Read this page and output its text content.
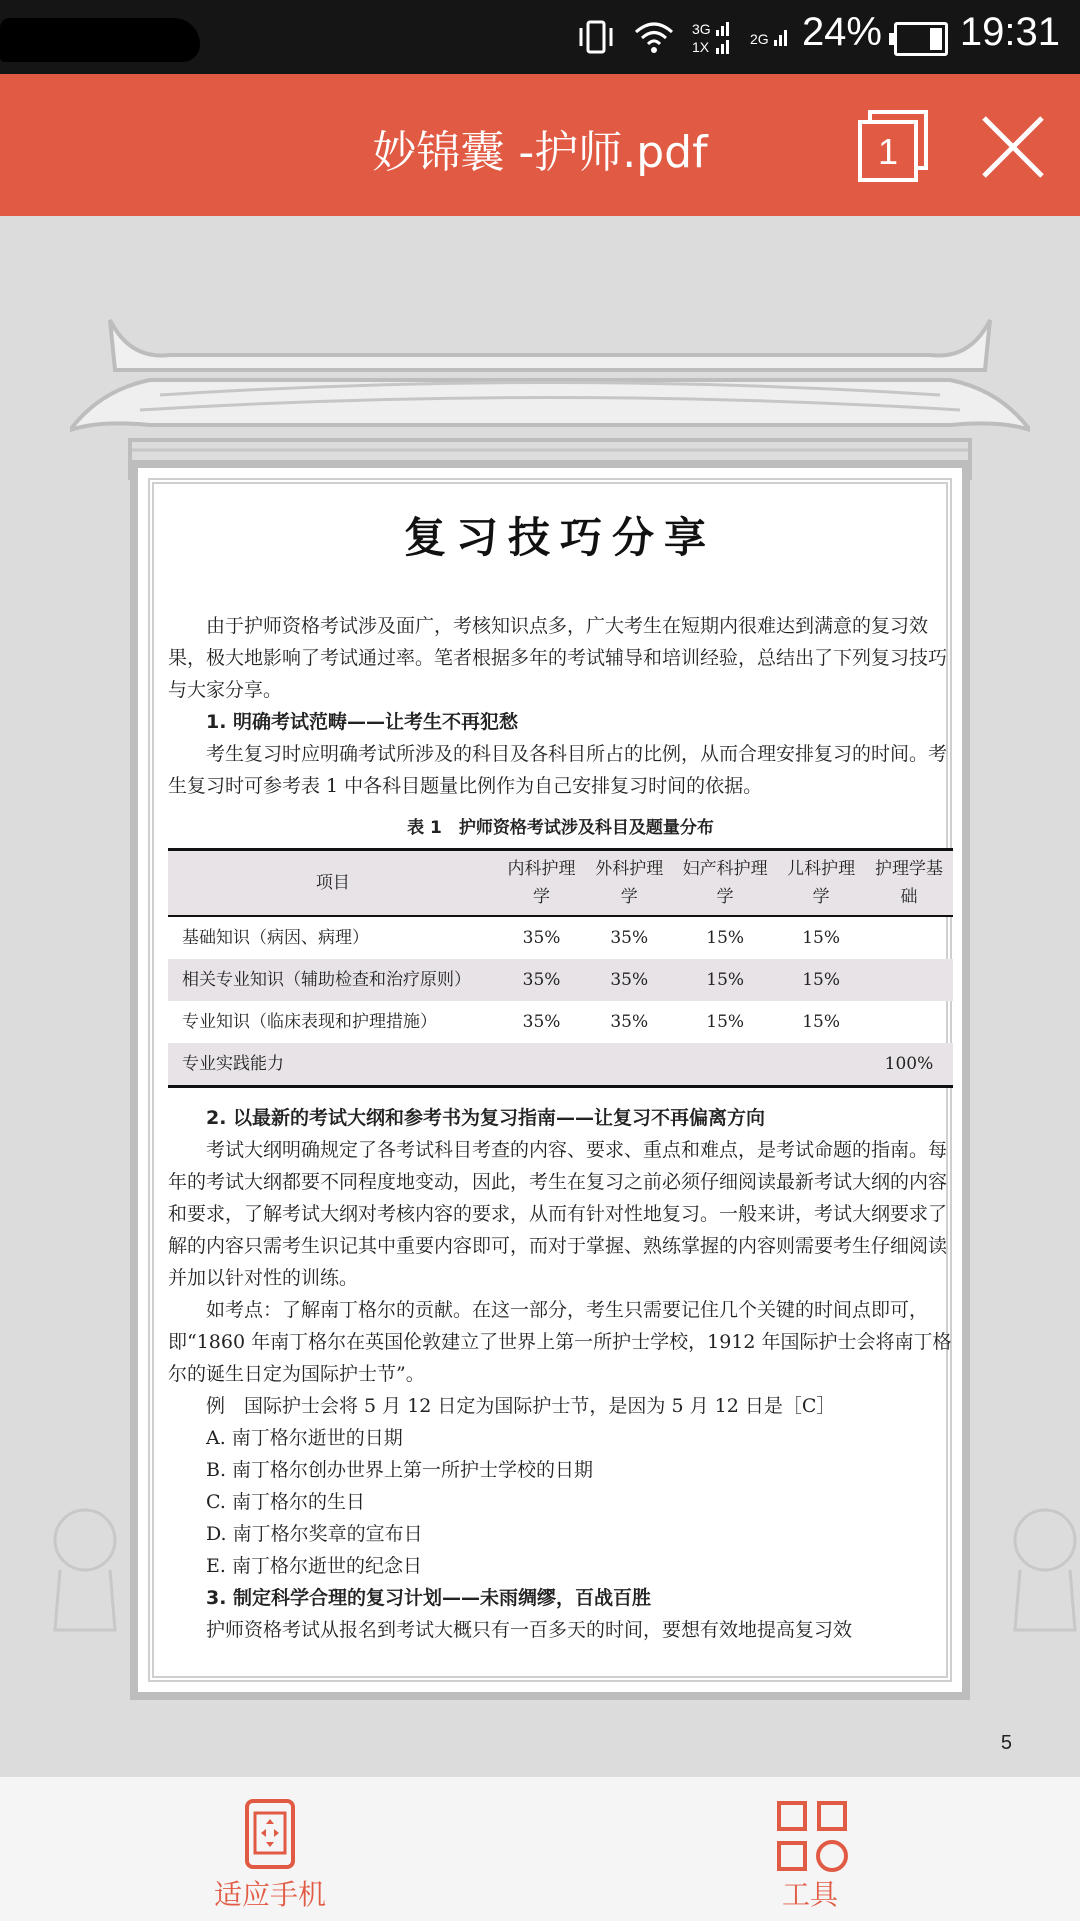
3G
1X	2G 24% 19:31
妙锦囊 -护师.pdf	1
复习技巧分享

由于护师资格考试涉及面广，考核知识点多，广大考生在短期内很难达到满意的复习效果，极大地影响了考试通过率。笔者根据多年的考试辅导和培训经验，总结出了下列复习技巧与大家分享。

1. 明确考试范畴——让考生不再犯愁

考生复习时应明确考试所涉及的科目及各科目所占的比例，从而合理安排复习的时间。考生复习时可参考表 1 中各科目题量比例作为自己安排复习时间的依据。

表 1　护师资格考试涉及科目及题量分布
项目	内科护理学	外科护理学	妇产科护理学	儿科护理学	护理学基础
基础知识（病因、病理）	35%	35%	15%	15%	
相关专业知识（辅助检查和治疗原则）	35%	35%	15%	15%	
专业知识（临床表现和护理措施）	35%	35%	15%	15%	
专业实践能力					100%
2. 以最新的考试大纲和参考书为复习指南——让复习不再偏离方向

考试大纲明确规定了各考试科目考查的内容、要求、重点和难点，是考试命题的指南。每年的考试大纲都要不同程度地变动，因此，考生在复习之前必须仔细阅读最新考试大纲的内容和要求，了解考试大纲对考核内容的要求，从而有针对性地复习。一般来讲，考试大纲要求了解的内容只需考生识记其中重要内容即可，而对于掌握、熟练掌握的内容则需要考生仔细阅读并加以针对性的训练。

如考点：了解南丁格尔的贡献。在这一部分，考生只需要记住几个关键的时间点即可，即“1860 年南丁格尔在英国伦敦建立了世界上第一所护士学校，1912 年国际护士会将南丁格尔的诞生日定为国际护士节”。

例　国际护士会将 5 月 12 日定为国际护士节，是因为 5 月 12 日是［C］

A. 南丁格尔逝世的日期
B. 南丁格尔创办世界上第一所护士学校的日期
C. 南丁格尔的生日
D. 南丁格尔奖章的宣布日
E. 南丁格尔逝世的纪念日
3. 制定科学合理的复习计划——未雨绸缪，百战百胜

护师资格考试从报名到考试大概只有一百多天的时间，要想有效地提高复习效

5
适应手机	工具
